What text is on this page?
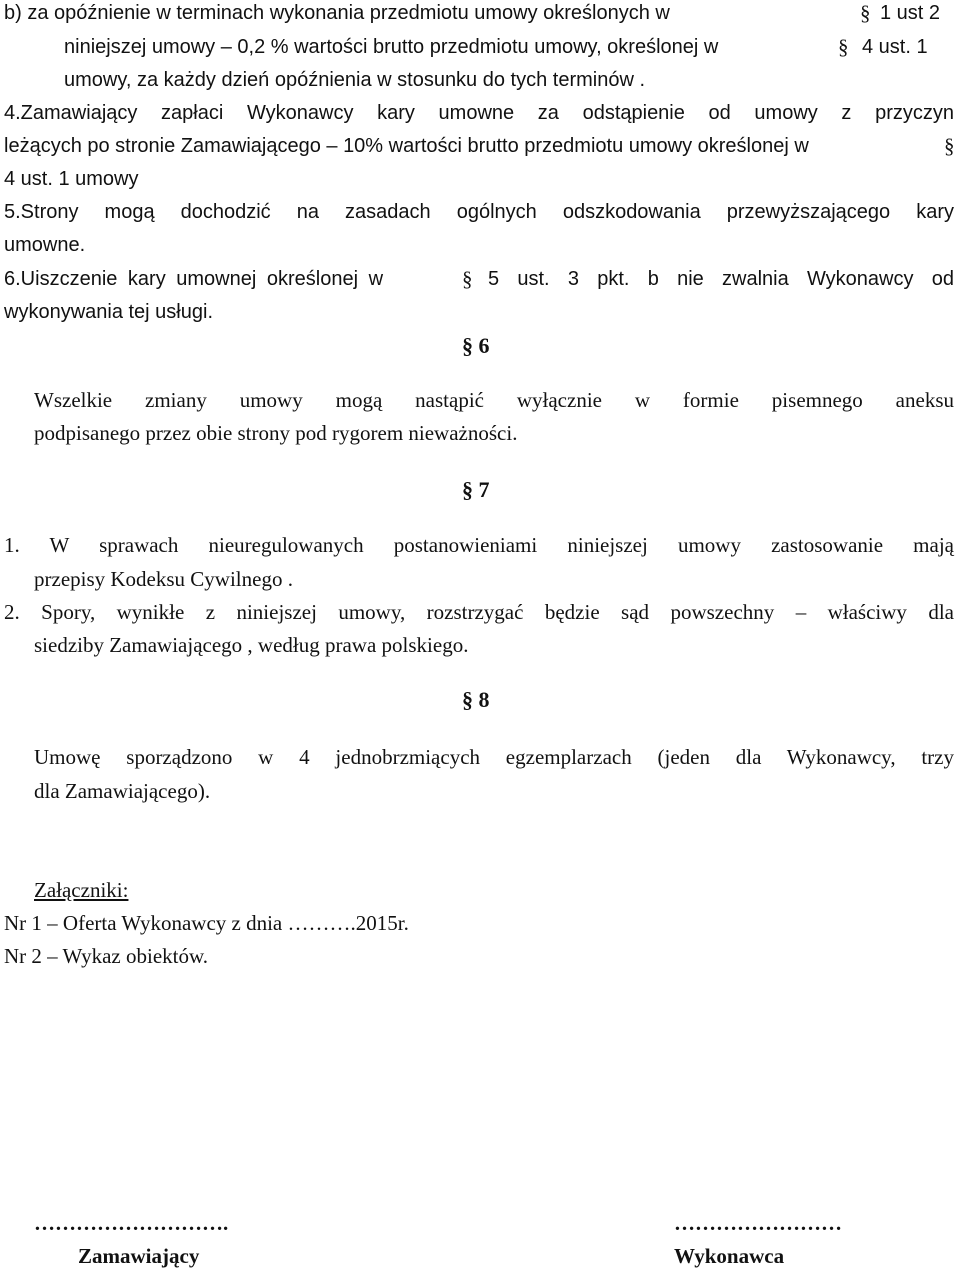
b) za opóźnienie w terminach wykonania przedmiotu umowy określonych w	§ 1 ust 2
niniejszej umowy – 0,2 % wartości brutto przedmiotu umowy, określonej w	§ 4 ust. 1
umowy, za każdy dzień opóźnienia w stosunku do tych terminów .
4.Zamawiający zapłaci Wykonawcy kary umowne za odstąpienie od umowy z przyczyn
leżących po stronie Zamawiającego – 10% wartości brutto przedmiotu umowy określonej w	§
4 ust. 1 umowy
5.Strony mogą dochodzić na zasadach ogólnych odszkodowania przewyższającego kary
umowne.
6.Uiszczenie kary umownej określonej w	§ 5 ust. 3 pkt. b nie zwalnia Wykonawcy od
wykonywania tej usługi.
§ 6
Wszelkie zmiany umowy mogą nastąpić wyłącznie w formie pisemnego aneksu
podpisanego przez obie strony pod rygorem nieważności.
§ 7
1. W sprawach nieuregulowanych postanowieniami niniejszej umowy zastosowanie mają
przepisy Kodeksu Cywilnego .
2. Spory, wynikłe z niniejszej umowy, rozstrzygać będzie sąd powszechny – właściwy dla
siedziby Zamawiającego , według prawa polskiego.
§ 8
Umowę sporządzono w 4 jednobrzmiących egzemplarzach (jeden dla Wykonawcy, trzy
dla Zamawiającego).
Załączniki:
Nr 1 – Oferta Wykonawcy z dnia ……….2015r.
Nr 2 – Wykaz obiektów.
……………………….
Zamawiający
……………………
Wykonawca
